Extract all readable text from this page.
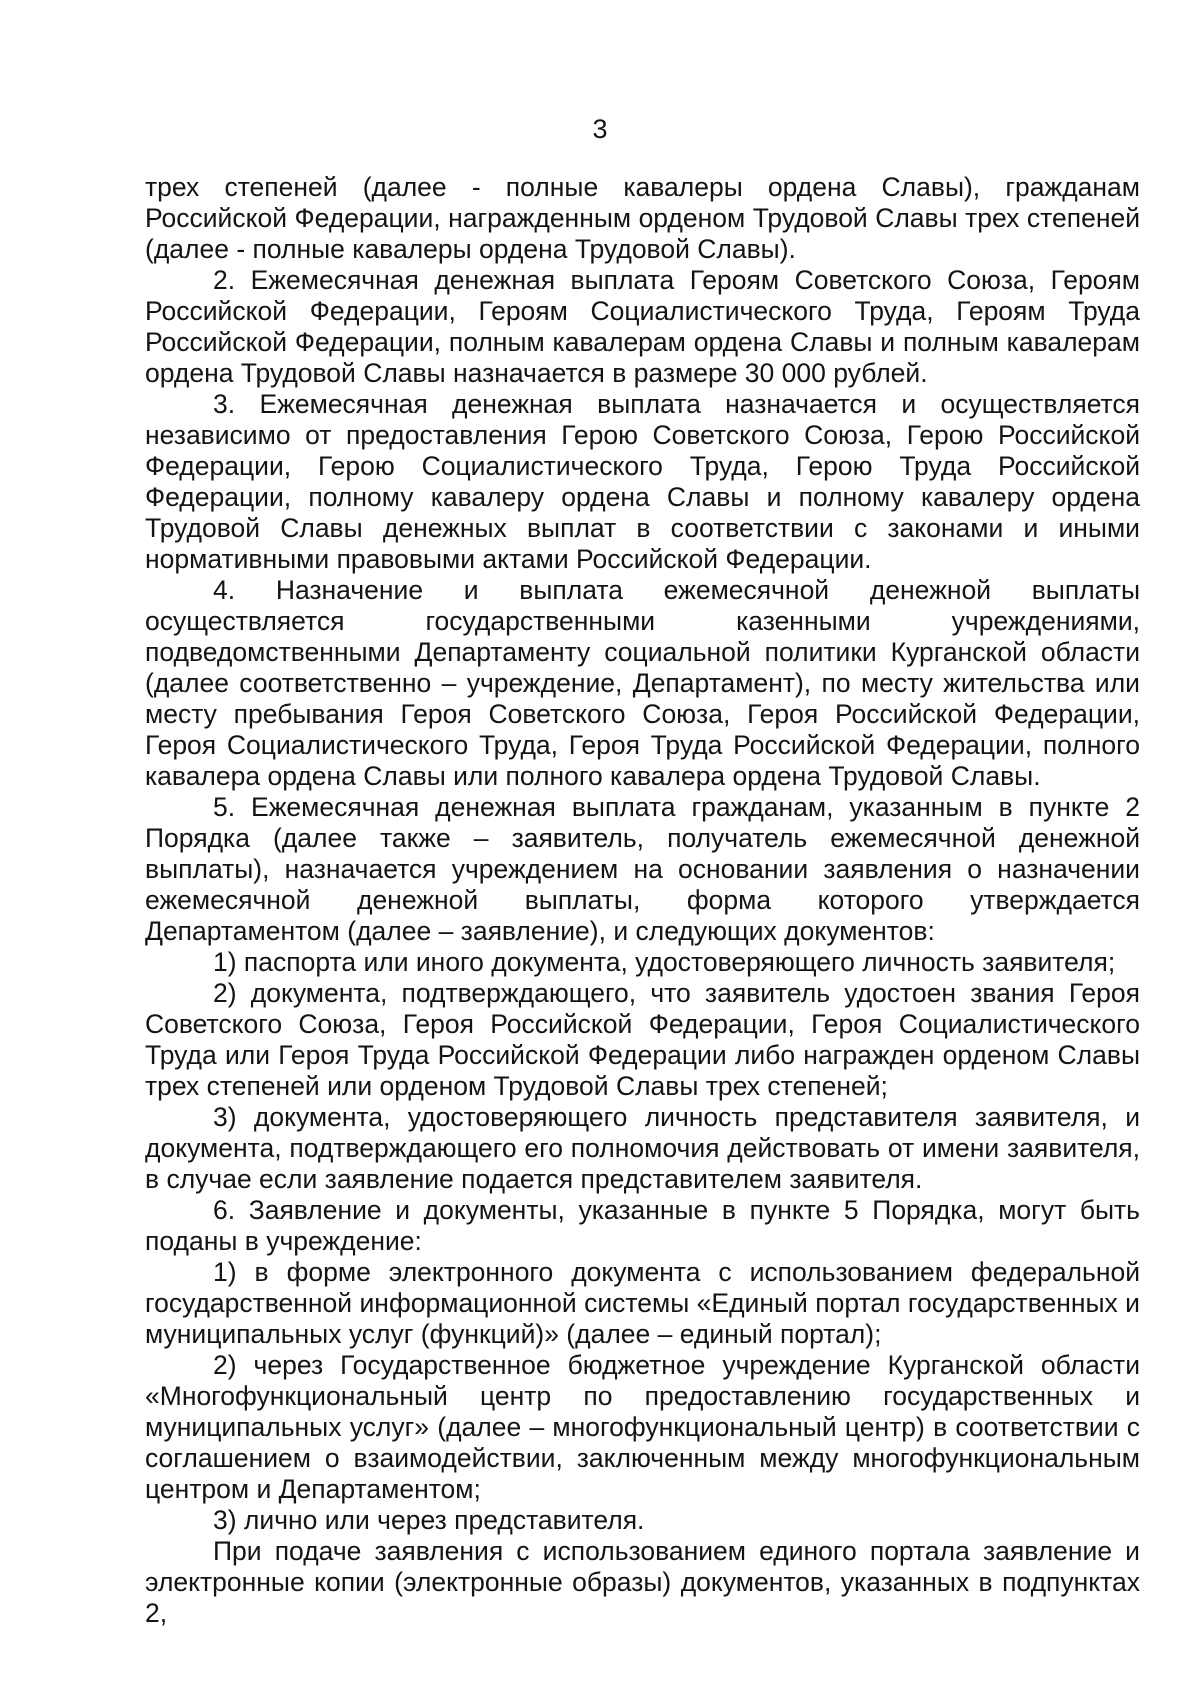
3

трех степеней (далее - полные кавалеры ордена Славы), гражданам Российской Федерации, награжденным орденом Трудовой Славы трех степеней (далее - полные кавалеры ордена Трудовой Славы).

2. Ежемесячная денежная выплата Героям Советского Союза, Героям Российской Федерации, Героям Социалистического Труда, Героям Труда Российской Федерации, полным кавалерам ордена Славы и полным кавалерам ордена Трудовой Славы назначается в размере 30 000 рублей.

3. Ежемесячная денежная выплата назначается и осуществляется независимо от предоставления Герою Советского Союза, Герою Российской Федерации, Герою Социалистического Труда, Герою Труда Российской Федерации, полному кавалеру ордена Славы и полному кавалеру ордена Трудовой Славы денежных выплат в соответствии с законами и иными нормативными правовыми актами Российской Федерации.

4. Назначение и выплата ежемесячной денежной выплаты осуществляется государственными казенными учреждениями, подведомственными Департаменту социальной политики Курганской области (далее соответственно – учреждение, Департамент), по месту жительства или месту пребывания Героя Советского Союза, Героя Российской Федерации, Героя Социалистического Труда, Героя Труда Российской Федерации, полного кавалера ордена Славы или полного кавалера ордена Трудовой Славы.

5. Ежемесячная денежная выплата гражданам, указанным в пункте 2 Порядка (далее также – заявитель, получатель ежемесячной денежной выплаты), назначается учреждением на основании заявления о назначении ежемесячной денежной выплаты, форма которого утверждается Департаментом (далее – заявление), и следующих документов:

1) паспорта или иного документа, удостоверяющего личность заявителя;

2) документа, подтверждающего, что заявитель удостоен звания Героя Советского Союза, Героя Российской Федерации, Героя Социалистического Труда или Героя Труда Российской Федерации либо награжден орденом Славы трех степеней или орденом Трудовой Славы трех степеней;

3) документа, удостоверяющего личность представителя заявителя, и документа, подтверждающего его полномочия действовать от имени заявителя, в случае если заявление подается представителем заявителя.

6. Заявление и документы, указанные в пункте 5 Порядка, могут быть поданы в учреждение:

1) в форме электронного документа с использованием федеральной государственной информационной системы «Единый портал государственных и муниципальных услуг (функций)» (далее – единый портал);

2) через Государственное бюджетное учреждение Курганской области «Многофункциональный центр по предоставлению государственных и муниципальных услуг» (далее – многофункциональный центр) в соответствии с соглашением о взаимодействии, заключенным между многофункциональным центром и Департаментом;

3) лично или через представителя.

При подаче заявления с использованием единого портала заявление и электронные копии (электронные образы) документов, указанных в подпунктах 2,
